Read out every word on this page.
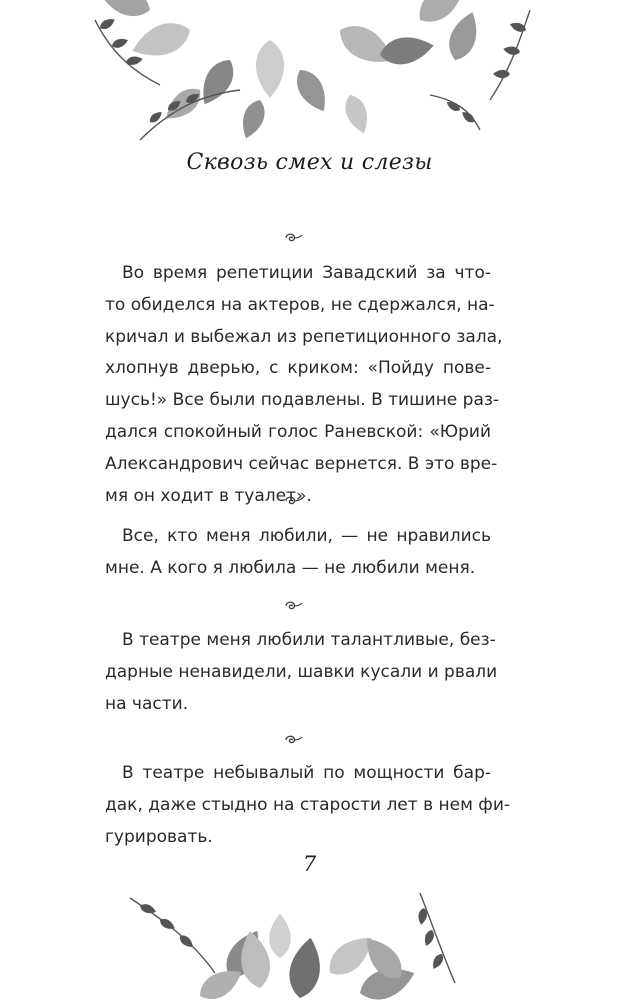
Сквозь смех и слезы
Во время репетиции Завадский за что-
то обиделся на актеров, не сдержался, на-
кричал и выбежал из репетиционного зала,
хлопнув дверью, с криком: «Пойду пове-
шусь!» Все были подавлены. В тишине раз-
дался спокойный голос Раневской: «Юрий
Александрович сейчас вернется. В это вре-
мя он ходит в туалет».
Все, кто меня любили, — не нравились
мне. А кого я любила — не любили меня.
В театре меня любили талантливые, без-
дарные ненавидели, шавки кусали и рвали
на части.
В театре небывалый по мощности бар-
дак, даже стыдно на старости лет в нем фи-
гурировать.
7
